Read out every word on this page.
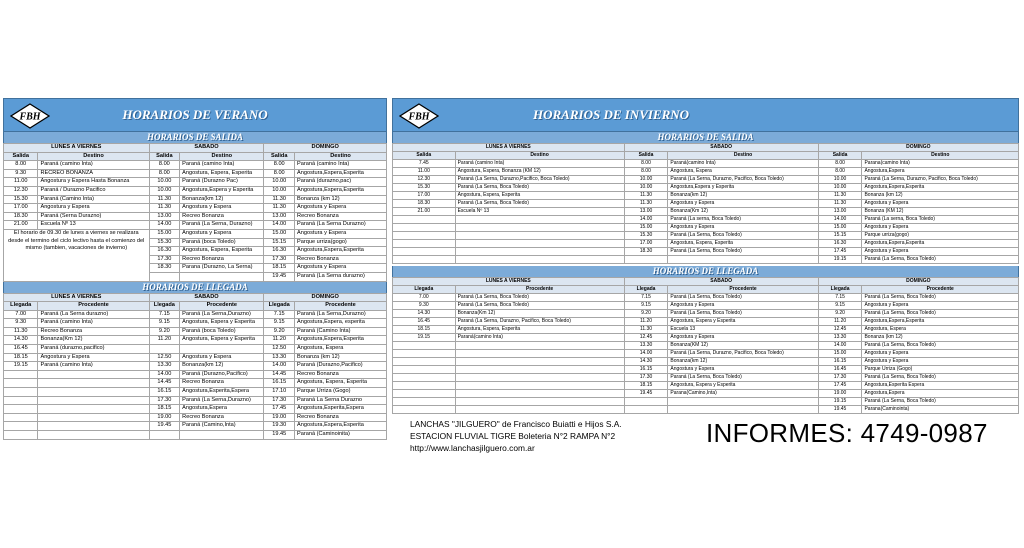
FBH	HORARIOS DE VERANO
HORARIOS DE SALIDA
LUNES A VIERNES		SABADO		DOMINGO	
Salida	Destino	Salida	Destino	Salida	Destino
8.00	Paraná (camino Inta)	8.00	Paraná (camino Inta)	8.00	Paraná (camino Inta)
9.30	RECREO BONANZA	8.00	Angostura, Espera, Esperita	8.00	Angostura,Espera,Esperita
11.00	Angostura y Espera Hasta Bonanza	10.00	Paraná (Durazno Pac)	10.00	Paraná (durazno,pac)
12.30	Paraná / Durazno Pacifico	10.00	Angostura,Espera y Esperita	10.00	Angostura,Espera,Esperita
15.30	Paraná (Camino Inta)	11.30	Bonanza(km 12)	11.30	Bonanza (km 12)
17.00	Angostura y Espera	11.30	Angostura y Espera	11.30	Angostura y Espera
18.30	Paraná (Serna Durazno)	13.00	Recreo Bonanza	13.00	Recreo Bonanza
21.00	Escuela Nº 13	14.00	Paraná (La Serna, Durazno)	14.00	Paraná (La Serna Durazno)
El horario de 09.30 de lunes a viernes se realizara desde el termino del ciclo lectivo hasta el comienzo del mismo (tambien, vacaciones de invierno)		15.00	Angostura y Espera	15.00	Angostura y Espera
		15.30	Paraná (boca Toledo)	15.15	Parque urriza(gogo)
		16.30	Angostura, Espera, Esperita	16.30	Angostura,Espera,Esperita
		17.30	Recreo Bonanza	17.30	Recreo Bonanza
		18.30	Parana (Durazno, La Serna)	18.15	Angostura y Espera
				19.45	Paraná (La Serna durazno)
HORARIOS DE LLEGADA
LUNES A VIERNES		SABADO		DOMINGO	
Llegada	Procedente	Llegada	Procedente	Llegada	Procedente
7.00	Paraná (La Serna durazno)	7.15	Paraná (La Serna,Durazno)	7.15	Paraná (La Serna,Durazno)
9.30	Paraná (camino Inta)	9.15	Angostura, Espera y Esperita	9.15	Angostura,Espera, esperita
11.30	Recreo Bonanza	9.20	Paraná (boca Toledo)	9.20	Paraná (Camino Inta)
14.30	Bonanza(Km 12)	11.20	Angostura, Espera y Esperita	11.20	Angostura,Espera,Esperita
16.45	Paraná (durazno,pacifico)			12.50	Angostura, Espera
18.15	Angostura y Espera	12.50	Angostura y Espera	13.30	Bonanza (km 12)
19.15	Paraná (camino Inta)	13.30	Bonanza(km 12)	14.00	Paraná (Durazno,Pacifico)
		14.00	Paraná (Durazno,Pacifico)	14.45	Recreo Bonanza
		14.45	Recreo Bonanza	16.15	Angostura, Espera, Esperita
		16.15	Angostura,Esperita,Espera	17.10	Parque Urriza (Gogo)
		17.30	Paraná (La Serna,Durazno)	17.30	Paraná La Serna Durazno
		18.15	Angostura,Espera	17.45	Angostura,Esperita,Espera
		19.00	Recreo Bonanza	19.00	Recreo Bonanza
		19.45	Paraná (Camino,Inta)	19.30	Angostura,Espera,Esperita
				19.45	Paraná (Caminoinita)
FBH	HORARIOS DE INVIERNO
HORARIOS DE SALIDA
LUNES A VIERNES		SABADO		DOMINGO	
Salida	Destino	Salida	Destino	Salida	Destino
7.45	Paraná (camino Inta)	8.00	Paraná(camino Inta)	8.00	Parana(camino Inta)
11.00	Angostura, Espera, Bonanza (KM 12)	8.00	Angostura, Espera	8.00	Angostura,Espera
12.30	Paraná (La Serna, Durazno,Pacifico, Boca Toledo)	10.00	Paraná (La Serna, Durazno, Pacifico, Boca Toledo)	10.00	Paraná (La Serna, Durazno, Pacifico, Boca Toledo)
15.30	Paraná (La Serna, Boca Toledo)	10.00	Angostura,Espera y Esperita	10.00	Angostura,Espera,Esperita
17.00	Angostura, Espera, Esperita	11.30	Bonanza(km 12)	11.30	Bonanza (km 12)
18.30	Paraná (La Serna, Boca Toledo)	11.30	Angostura y Espera	11.30	Angostura y Espera
21.00	Escuela Nº 13	13.00	Bonanza(Km 12)	13.00	Bonanza (KM 12)
		14.00	Paraná (La serna, Boca Toledo)	14.00	Paraná (La serna, Boca Toledo)
		15.00	Angostura y Espera	15.00	Angostura y Espera
		15.30	Paraná (La Serna, Boca Toledo)	15.15	Parque urriza(gogo)
		17.00	Angostura, Espera, Esperita	16.30	Angostura,Espera,Esperita
		18.30	Paraná (La Serna, Boca Toledo)	17.45	Angostura y Espera
				19.15	Paraná (La Serna, Boca Toledo)
HORARIOS DE LLEGADA
LUNES A VIERNES		SABADO		DOMINGO	
Llegada	Procedente	Llegada	Procedente	Llegada	Procedente
7.00	Paraná (La Serna, Boca Toledo)	7.15	Paraná (La Serna, Boca Toledo)	7.15	Paraná (La Serna, Boca Toledo)
9.30	Paraná (La Serna, Boca Toledo)	9.15	Angostura y Espera	9.15	Angostura y Espera
14.30	Bonanza(Km 12)	9.20	Paraná (La Serna, Boca Toledo)	9.20	Paraná (La Serna, Boca Toledo)
16.45	Paraná (La Serna, Durazno, Pacifico, Boca Toledo)	11.20	Angostura, Espera y Esperita	11.20	Angostura,Espera,Esperita
18.15	Angostura, Espera, Esperita	11.30	Escuela 13	12.45	Angostura, Espera
19.15	Paraná(camino Inta)	12.45	Angostura y Espera	13.30	Bonanza (km 12)
		13.30	Bonanza(KM 12)	14.00	Paraná (La Serna, Boca Toledo)
		14.00	Paraná (La Serna, Durazno, Pacifico, Boca Toledo)	15.00	Angostura y Espera
		14.30	Bonanza(km 12)	16.15	Angostura y Espera
		16.15	Angostura y Espera	16.45	Parque Urriza (Gogo)
		17.30	Paraná (La Serna, Boca Toledo)	17.30	Paraná (La Serna, Boca Toledo)
		18.15	Angostura, Espera y Esperita	17.45	Angostura,Esperita Espera
		19.45	Parana(Camino,Inta)	19.00	Angostura,Espera
				19.15	Paraná (La Serna, Boca Toledo)
				19.45	Parana(Caminointa)
LANCHAS "JILGUERO" de Francisco Buiatti e Hijos S.A.
ESTACION FLUVIAL TIGRE Boleteria N°2 RAMPA N°2
http://www.lanchasjilguero.com.ar	INFORMES: 4749-0987
